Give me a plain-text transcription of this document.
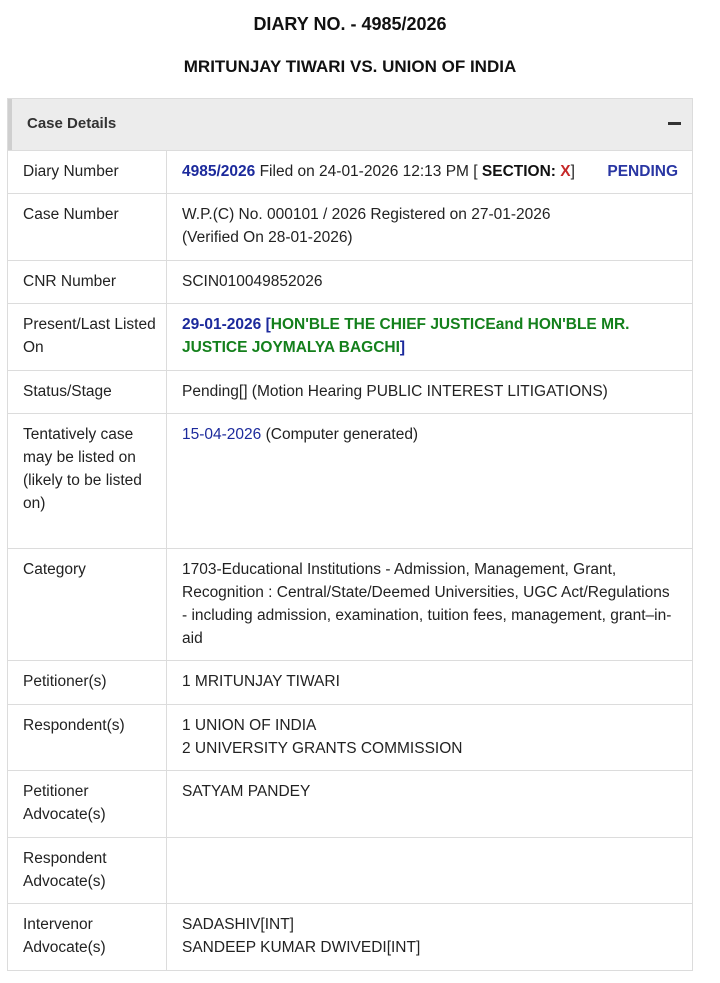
DIARY NO. - 4985/2026
MRITUNJAY TIWARI VS. UNION OF INDIA
Case Details
Diary Number	4985/2026 Filed on 24-01-2026 12:13 PM [ SECTION: X] PENDING

Case Number	W.P.(C) No. 000101 / 2026 Registered on 27-01-2026
(Verified On 28-01-2026)

CNR Number	SCIN010049852026
Present/Last Listed On	29-01-2026 [HON'BLE THE CHIEF JUSTICEand HON'BLE MR. JUSTICE JOYMALYA BAGCHI]
Status/Stage	Pending[] (Motion Hearing PUBLIC INTEREST LITIGATIONS)
Tentatively case may be listed on (likely to be listed on)	15-04-2026 (Computer generated)
Category	1703-Educational Institutions - Admission, Management, Grant, Recognition : Central/State/Deemed Universities, UGC Act/Regulations - including admission, examination, tuition fees, management, grant–in-aid
Petitioner(s)	1 MRITUNJAY TIWARI

Respondent(s)	1 UNION OF INDIA
2 UNIVERSITY GRANTS COMMISSION

Petitioner Advocate(s)	SATYAM PANDEY
Respondent Advocate(s)	
Intervenor Advocate(s)	SADASHIV[INT]
SANDEEP KUMAR DWIVEDI[INT]
